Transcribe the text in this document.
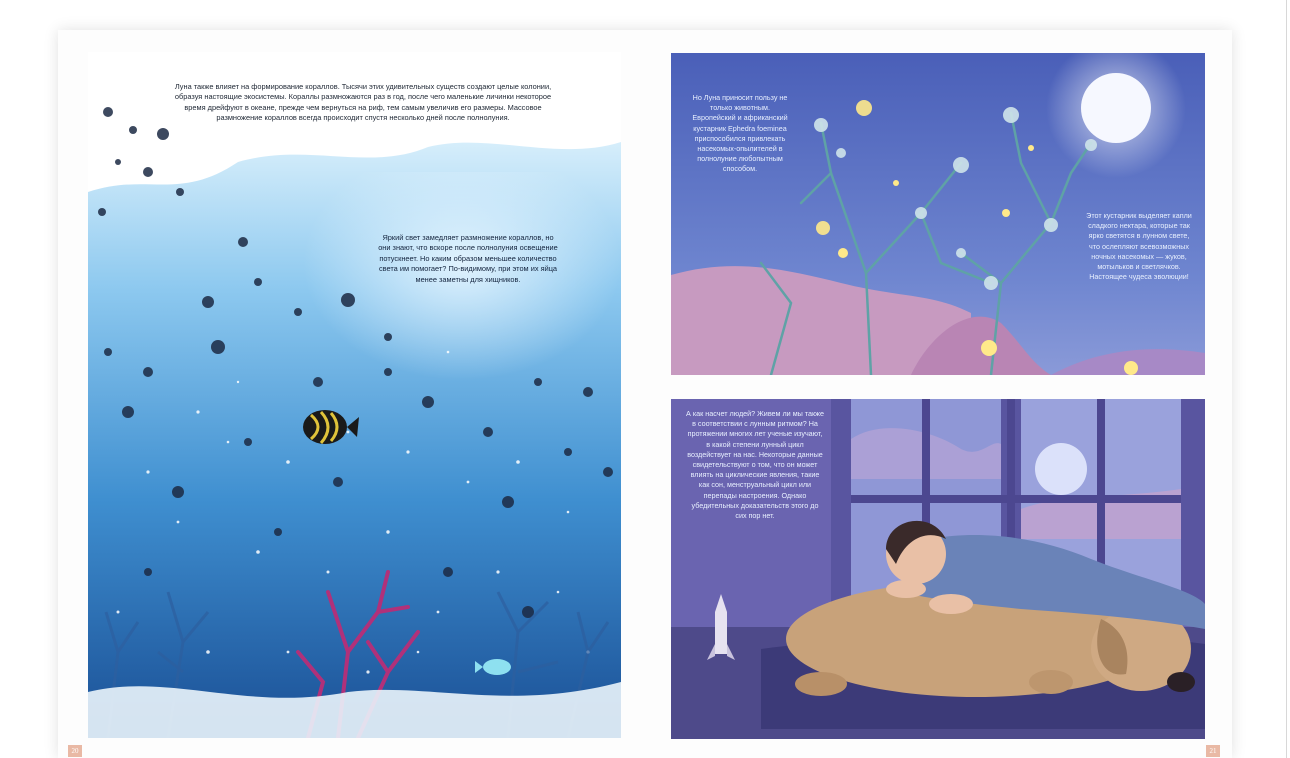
Луна также влияет на формирование кораллов. Тысячи этих удивительных существ создают целые колонии, образуя настоящие экосистемы. Кораллы размножаются раз в год, после чего маленькие личинки некоторое время дрейфуют в океане, прежде чем вернуться на риф, тем самым увеличив его размеры. Массовое размножение кораллов всегда происходит спустя несколько дней после полнолуния.
Яркий свет замедляет размножение кораллов, но они знают, что вскоре после полнолуния освещение потускнеет. Но каким образом меньшее количество света им помогает? По-видимому, при этом их яйца менее заметны для хищников.
20
Но Луна приносит пользу не только животным. Европейский и африканский кустарник Ephedra foeminea приспособился привлекать насекомых-опылителей в полнолуние любопытным способом.
Этот кустарник выделяет капли сладкого нектара, которые так ярко светятся в лунном свете, что ослепляют всевозможных ночных насекомых — жуков, мотыльков и светлячков. Настоящее чудеса эволюции!
А как насчет людей? Живем ли мы также в соответствии с лунным ритмом? На протяжении многих лет ученые изучают, в какой степени лунный цикл воздействует на нас. Некоторые данные свидетельствуют о том, что он может влиять на циклические явления, такие как сон, менструальный цикл или перепады настроения. Однако убедительных доказательств этого до сих пор нет.
21
